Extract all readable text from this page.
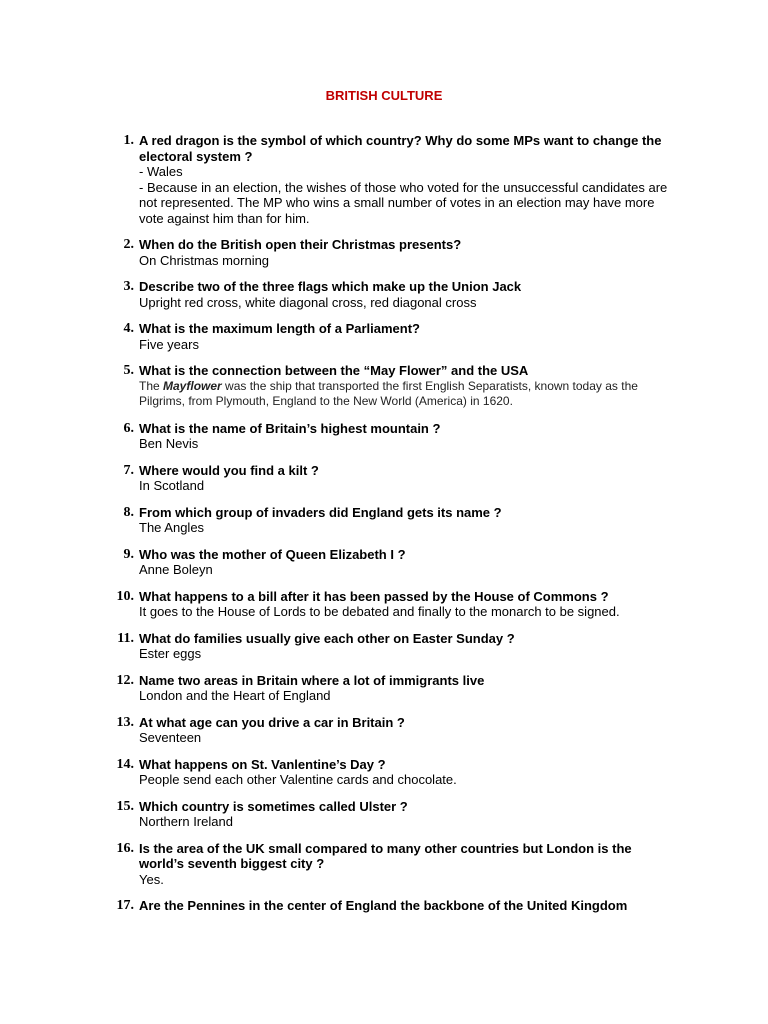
BRITISH CULTURE
1. A red dragon is the symbol of which country? Why do some MPs want to change the electoral system ?
- Wales
- Because in an election, the wishes of those who voted for the unsuccessful candidates are not represented. The MP who wins a small number of votes in an election may have more vote against him than for him.
2. When do the British open their Christmas presents?
On Christmas morning
3. Describe two of the three flags which make up the Union Jack
Upright red cross, white diagonal cross, red diagonal cross
4. What is the maximum length of a Parliament?
Five years
5. What is the connection between the “May Flower” and the USA
The Mayflower was the ship that transported the first English Separatists, known today as the Pilgrims, from Plymouth, England to the New World (America) in 1620.
6. What is the name of Britain’s highest mountain ?
Ben Nevis
7. Where would you find a kilt ?
In Scotland
8. From which group of invaders did England gets its name ?
The Angles
9. Who was the mother of Queen Elizabeth I ?
Anne Boleyn
10. What happens to a bill after it has been passed by the House of Commons ?
It goes to the House of Lords to be debated and finally to the monarch to be signed.
11. What do families usually give each other on Easter Sunday ?
Ester eggs
12. Name two areas in Britain where a lot of immigrants live
London and the Heart of England
13. At what age can you drive a car in Britain ?
Seventeen
14. What happens on St. Vanlentine’s Day ?
People send each other Valentine cards and chocolate.
15. Which country is sometimes called Ulster ?
Northern Ireland
16. Is the area of the UK small compared to many other countries but London is the world’s seventh biggest city ?
Yes.
17. Are the Pennines in the center of England the backbone of the United Kingdom
